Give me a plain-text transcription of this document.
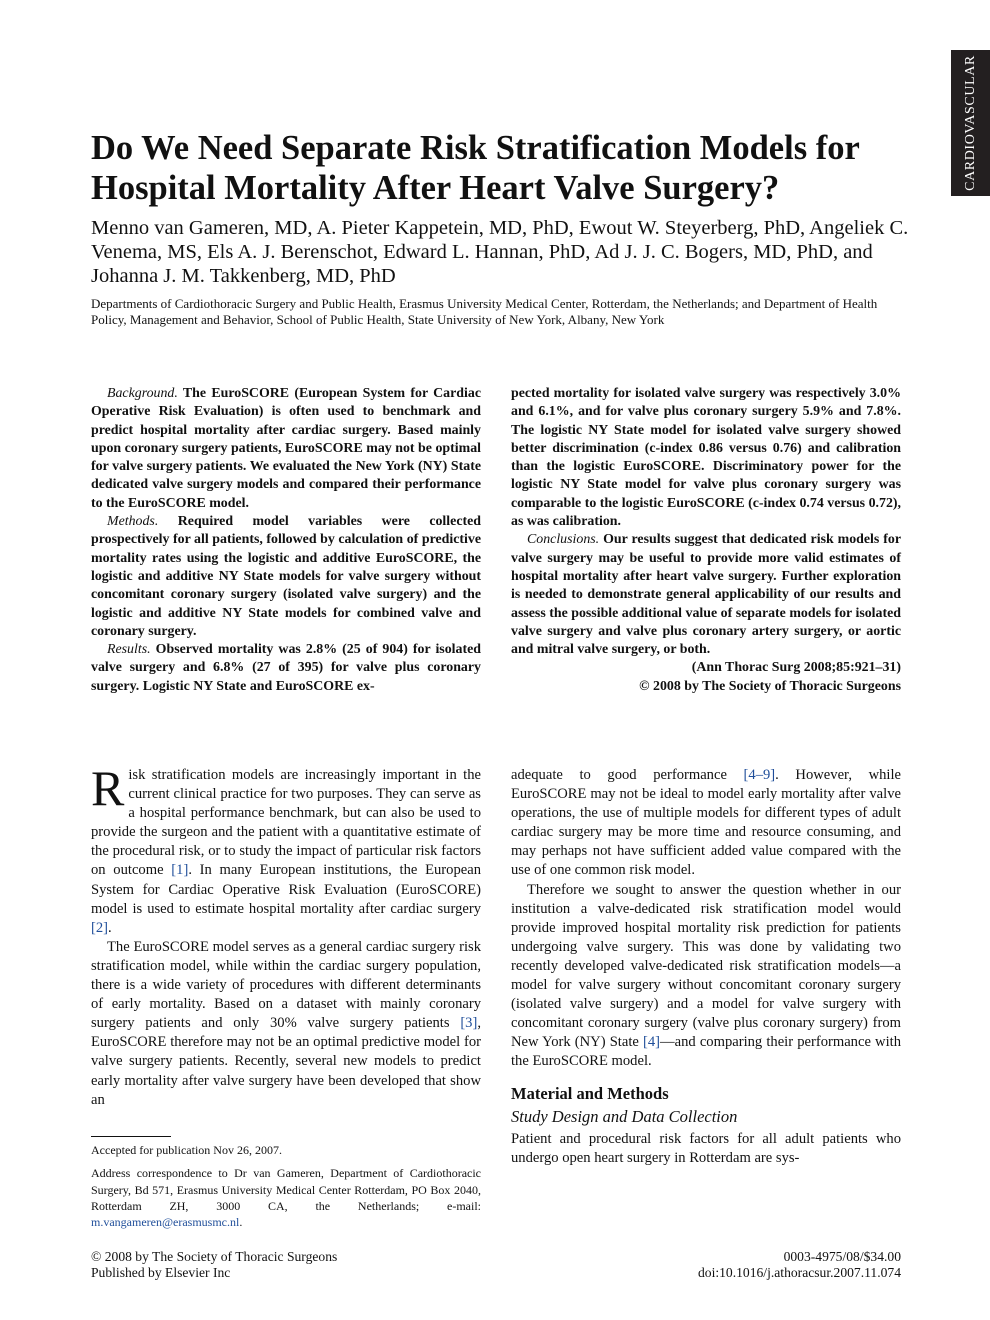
CARDIOVASCULAR
Do We Need Separate Risk Stratification Models for Hospital Mortality After Heart Valve Surgery?

Menno van Gameren, MD, A. Pieter Kappetein, MD, PhD, Ewout W. Steyerberg, PhD, Angeliek C. Venema, MS, Els A. J. Berenschot, Edward L. Hannan, PhD, Ad J. J. C. Bogers, MD, PhD, and Johanna J. M. Takkenberg, MD, PhD

Departments of Cardiothoracic Surgery and Public Health, Erasmus University Medical Center, Rotterdam, the Netherlands; and Department of Health Policy, Management and Behavior, School of Public Health, State University of New York, Albany, New York

Background. The EuroSCORE (European System for Cardiac Operative Risk Evaluation) is often used to benchmark and predict hospital mortality after cardiac surgery. Based mainly upon coronary surgery patients, EuroSCORE may not be optimal for valve surgery patients. We evaluated the New York (NY) State dedicated valve surgery models and compared their performance to the EuroSCORE model.

Methods. Required model variables were collected prospectively for all patients, followed by calculation of predictive mortality rates using the logistic and additive EuroSCORE, the logistic and additive NY State models for valve surgery without concomitant coronary surgery (isolated valve surgery) and the logistic and additive NY State models for combined valve and coronary surgery.

Results. Observed mortality was 2.8% (25 of 904) for isolated valve surgery and 6.8% (27 of 395) for valve plus coronary surgery. Logistic NY State and EuroSCORE ex-

pected mortality for isolated valve surgery was respectively 3.0% and 6.1%, and for valve plus coronary surgery 5.9% and 7.8%. The logistic NY State model for isolated valve surgery showed better discrimination (c-index 0.86 versus 0.76) and calibration than the logistic EuroSCORE. Discriminatory power for the logistic NY State model for valve plus coronary surgery was comparable to the logistic EuroSCORE (c-index 0.74 versus 0.72), as was calibration.

Conclusions. Our results suggest that dedicated risk models for valve surgery may be useful to provide more valid estimates of hospital mortality after heart valve surgery. Further exploration is needed to demonstrate general applicability of our results and assess the possible additional value of separate models for isolated valve surgery and valve plus coronary artery surgery, or aortic and mitral valve surgery, or both.

(Ann Thorac Surg 2008;85:921–31)

© 2008 by The Society of Thoracic Surgeons

Risk stratification models are increasingly important in the current clinical practice for two purposes. They can serve as a hospital performance benchmark, but can also be used to provide the surgeon and the patient with a quantitative estimate of the procedural risk, or to study the impact of particular risk factors on outcome [1]. In many European institutions, the European System for Cardiac Operative Risk Evaluation (EuroSCORE) model is used to estimate hospital mortality after cardiac surgery [2].

The EuroSCORE model serves as a general cardiac surgery risk stratification model, while within the cardiac surgery population, there is a wide variety of procedures with different determinants of early mortality. Based on a dataset with mainly coronary surgery patients and only 30% valve surgery patients [3], EuroSCORE therefore may not be an optimal predictive model for valve surgery patients. Recently, several new models to predict early mortality after valve surgery have been developed that show an

adequate to good performance [4–9]. However, while EuroSCORE may not be ideal to model early mortality after valve operations, the use of multiple models for different types of adult cardiac surgery may be more time and resource consuming, and may perhaps not have sufficient added value compared with the use of one common risk model.

Therefore we sought to answer the question whether in our institution a valve-dedicated risk stratification model would provide improved hospital mortality risk prediction for patients undergoing valve surgery. This was done by validating two recently developed valve-dedicated risk stratification models—a model for valve surgery without concomitant coronary surgery (isolated valve surgery) and a model for valve surgery with concomitant coronary surgery (valve plus coronary surgery) from New York (NY) State [4]—and comparing their performance with the EuroSCORE model.

Material and Methods
Study Design and Data Collection

Patient and procedural risk factors for all adult patients who undergo open heart surgery in Rotterdam are sys-

Accepted for publication Nov 26, 2007.

Address correspondence to Dr van Gameren, Department of Cardiothoracic Surgery, Bd 571, Erasmus University Medical Center Rotterdam, PO Box 2040, Rotterdam ZH, 3000 CA, the Netherlands; e-mail: m.vangameren@erasmusmc.nl.

© 2008 by The Society of Thoracic Surgeons
Published by Elsevier Inc
0003-4975/08/$34.00
doi:10.1016/j.athoracsur.2007.11.074
